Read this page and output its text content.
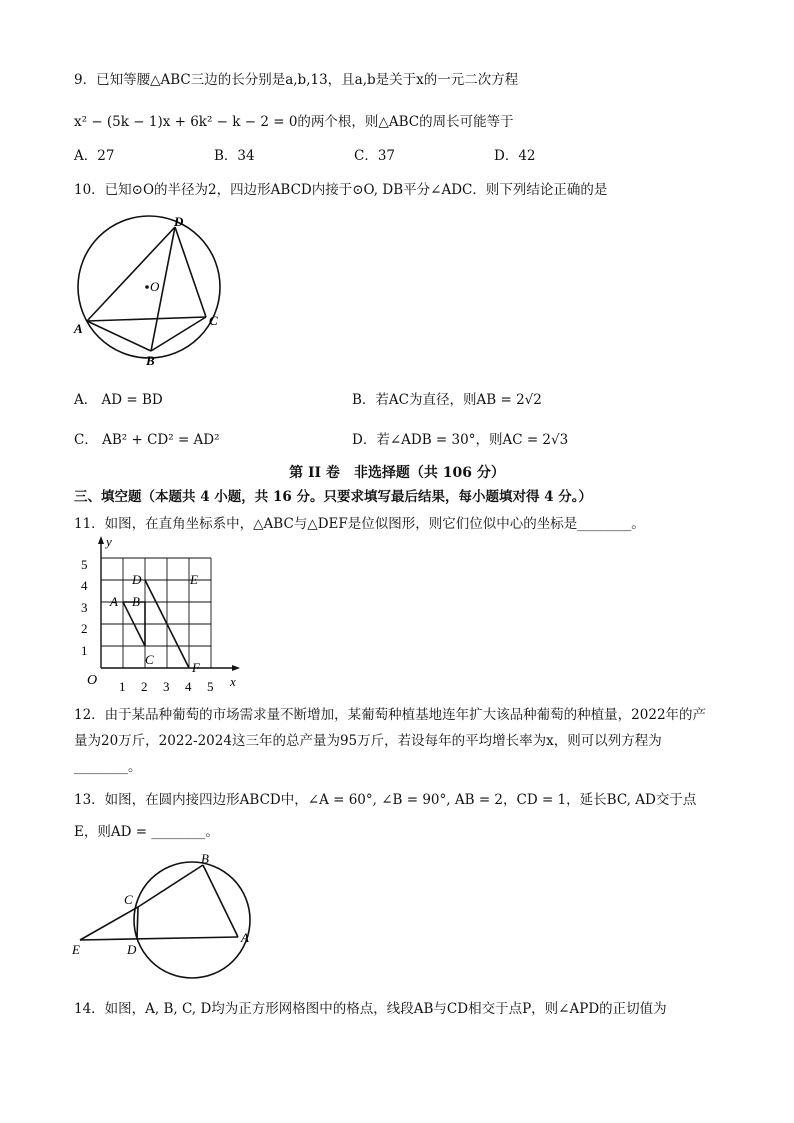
9．已知等腰△ABC三边的长分别是a,b,13，且a,b是关于x的一元二次方程
x² − (5k − 1)x + 6k² − k − 2 = 0的两个根，则△ABC的周长可能等于
A．27	B．34	C．37	D．42
10．已知⊙O的半径为2，四边形ABCD内接于⊙O, DB平分∠ADC．则下列结论正确的是
O
D
A
C
B
A． AD = BD	B．若AC为直径，则AB = 2√2
C． AB² + CD² = AD²	D．若∠ADB = 30°，则AC = 2√3
第 II 卷　非选择题（共 106 分）
三、填空题（本题共 4 小题，共 16 分。只要求填写最后结果，每小题填对得 4 分。）
11．如图，在直角坐标系中，△ABC与△DEF是位似图形，则它们位似中心的坐标是________。
y
x
O 1 2 3 4 5
1
2
3
4
5
A B
C
D	E
F
12．由于某品种葡萄的市场需求量不断增加，某葡萄种植基地连年扩大该品种葡萄的种植量，2022年的产
量为20万斤，2022-2024这三年的总产量为95万斤，若设每年的平均增长率为x，则可以列方程为
________。
13．如图，在圆内接四边形ABCD中，∠A = 60°, ∠B = 90°, AB = 2，CD = 1，延长BC, AD交于点
E，则AD = ________。
B
C
E	D
A
14．如图，A, B, C, D均为正方形网格图中的格点，线段AB与CD相交于点P，则∠APD的正切值为
